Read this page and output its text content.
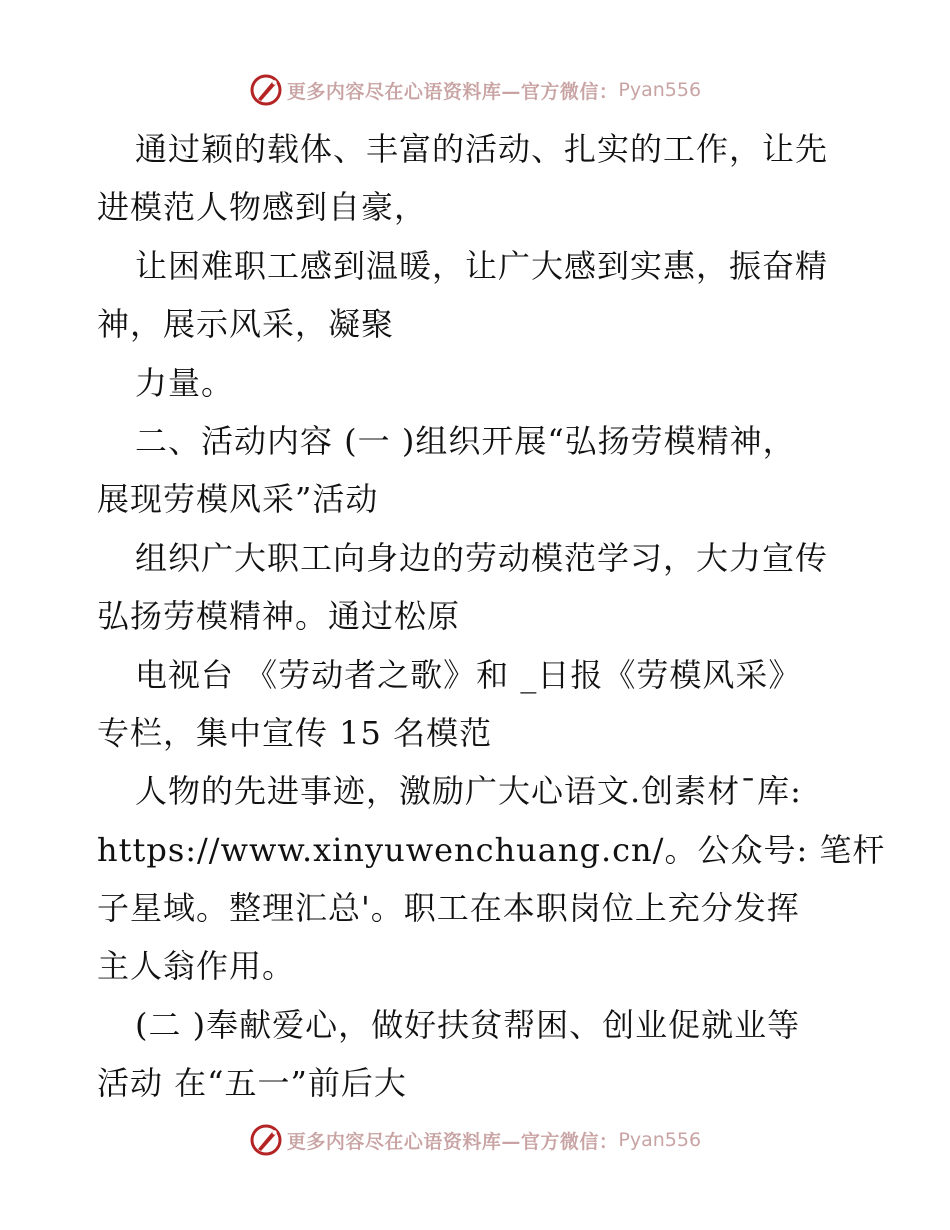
更多内容尽在心语资料库—官方微信： Pyan556
通过颖的载体、丰富的活动、扎实的工作，让先
进模范人物感到自豪，
让困难职工感到温暖，让广大感到实惠，振奋精
神，展示风采，凝聚
力量。
二、活动内容 (一 )组织开展“弘扬劳模精神，
展现劳模风采”活动
组织广大职工向身边的劳动模范学习，大力宣传
弘扬劳模精神。通过松原
电视台 《劳动者之歌》和 _日报《劳模风采》
专栏，集中宣传 15 名模范
人物的先进事迹，激励广大心语文.创素材¯库:
https://www.xinyuwenchuang.cn/。公众号: 笔杆
子星域。整理汇总'。职工在本职岗位上充分发挥
主人翁作用。
(二 )奉献爱心，做好扶贫帮困、创业促就业等
活动 在“五一”前后大
更多内容尽在心语资料库—官方微信： Pyan556
